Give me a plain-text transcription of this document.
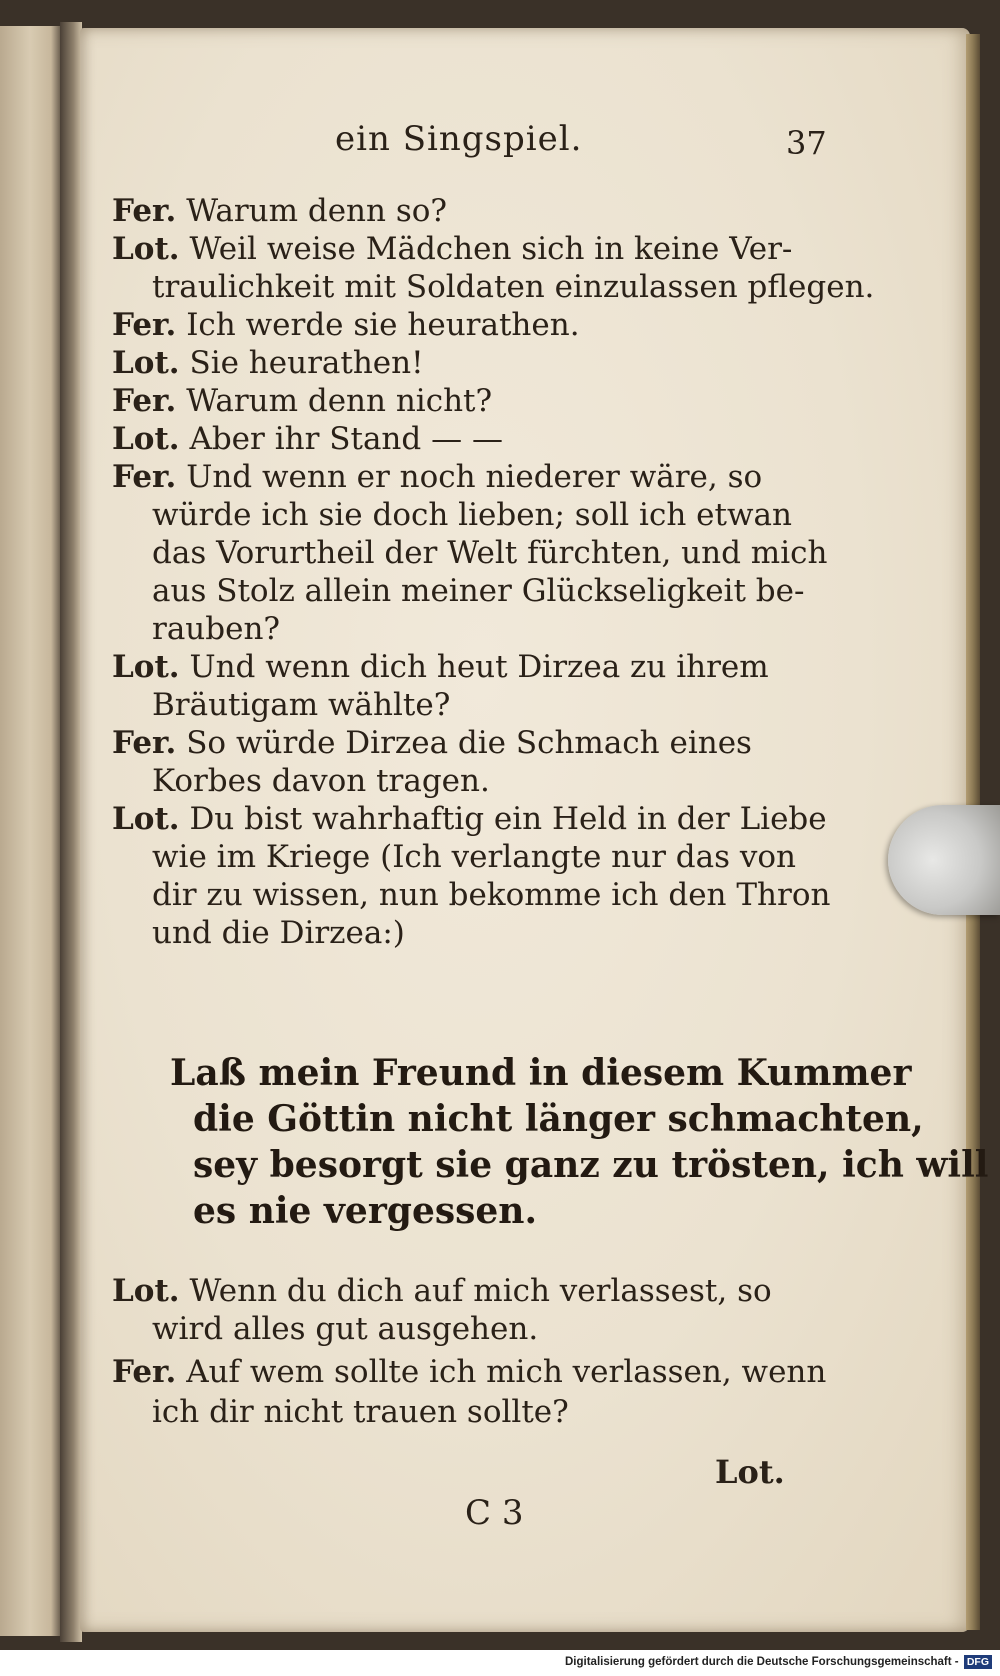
ein Singspiel.	37

Fer. Warum denn so?

Lot. Weil weise Mädchen sich in keine Ver-

traulichkeit mit Soldaten einzulassen pflegen.

Fer. Ich werde sie heurathen.

Lot. Sie heurathen!

Fer. Warum denn nicht?

Lot. Aber ihr Stand — —

Fer. Und wenn er noch niederer wäre, so

würde ich sie doch lieben; soll ich etwan

das Vorurtheil der Welt fürchten, und mich

aus Stolz allein meiner Glückseligkeit be-

rauben?

Lot. Und wenn dich heut Dirzea zu ihrem

Bräutigam wählte?

Fer. So würde Dirzea die Schmach eines

Korbes davon tragen.

Lot. Du bist wahrhaftig ein Held in der Liebe

wie im Kriege (Ich verlangte nur das von

dir zu wissen, nun bekomme ich den Thron

und die Dirzea:)

Laß mein Freund in diesem Kummer

die Göttin nicht länger schmachten,

sey besorgt sie ganz zu trösten, ich will

es nie vergessen.

Lot. Wenn du dich auf mich verlassest, so

wird alles gut ausgehen.

Fer. Auf wem sollte ich mich verlassen, wenn

ich dir nicht trauen sollte?

Lot.

C 3

Digitalisierung gefördert durch die Deutsche Forschungsgemeinschaft - DFG
